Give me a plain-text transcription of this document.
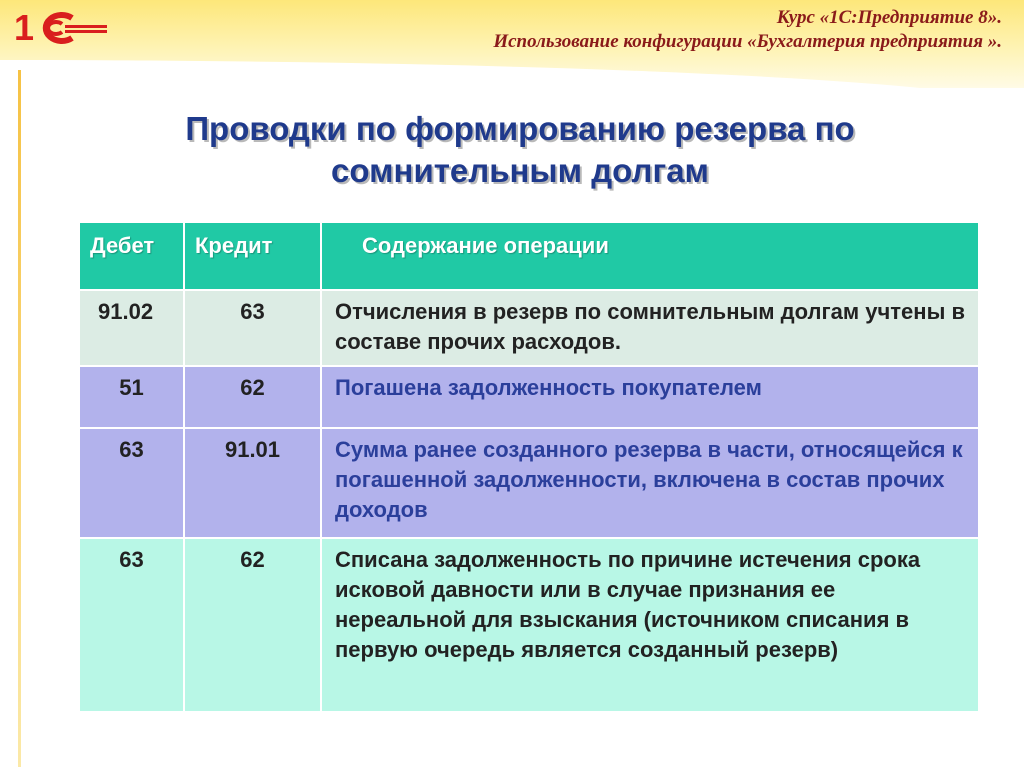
1	Курс «1С:Предприятие 8».
Использование конфигурации «Бухгалтерия предприятия ».
Проводки по формированию резерва по сомнительным долгам
Дебет	Кредит	Содержание операции
91.02	63	Отчисления в резерв по сомнительным долгам учтены в составе прочих расходов.
51	62	Погашена задолженность покупателем
63	91.01	Сумма ранее созданного резерва в части, относящейся к погашенной задолженности, включена в состав прочих доходов
63	62	Списана задолженность по причине истечения срока исковой давности или в случае признания ее нереальной для взыскания (источником списания в первую очередь является созданный резерв)
